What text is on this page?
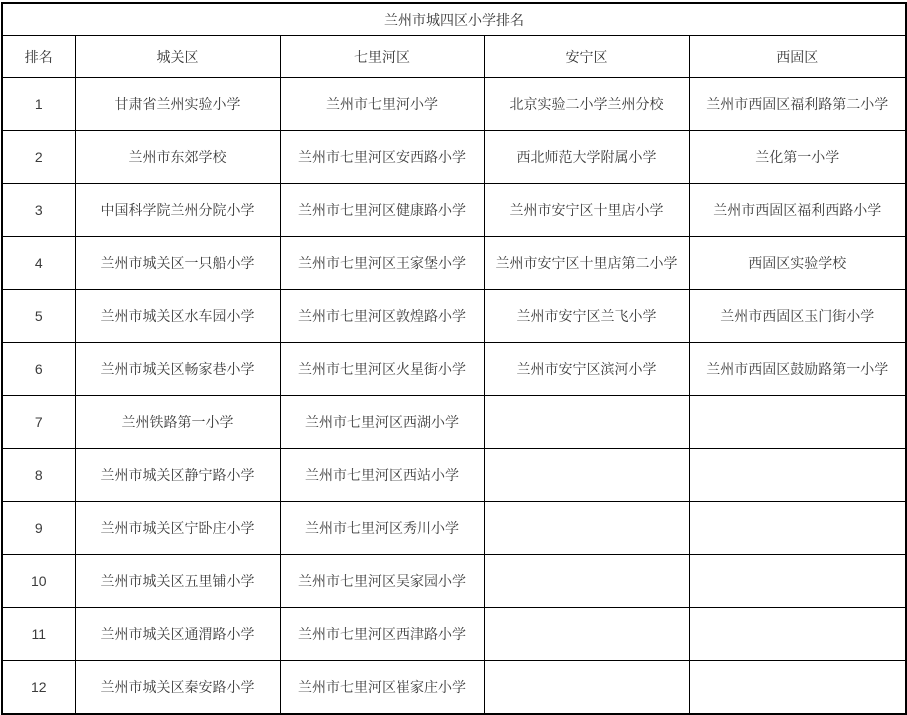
兰州市城四区小学排名				
排名	城关区	七里河区	安宁区	西固区
1	甘肃省兰州实验小学	兰州市七里河小学	北京实验二小学兰州分校	兰州市西固区福利路第二小学
2	兰州市东郊学校	兰州市七里河区安西路小学	西北师范大学附属小学	兰化第一小学
3	中国科学院兰州分院小学	兰州市七里河区健康路小学	兰州市安宁区十里店小学	兰州市西固区福利西路小学
4	兰州市城关区一只船小学	兰州市七里河区王家堡小学	兰州市安宁区十里店第二小学	西固区实验学校
5	兰州市城关区水车园小学	兰州市七里河区敦煌路小学	兰州市安宁区兰飞小学	兰州市西固区玉门街小学
6	兰州市城关区畅家巷小学	兰州市七里河区火星街小学	兰州市安宁区滨河小学	兰州市西固区鼓励路第一小学
7	兰州铁路第一小学	兰州市七里河区西湖小学		
8	兰州市城关区静宁路小学	兰州市七里河区西站小学		
9	兰州市城关区宁卧庄小学	兰州市七里河区秀川小学		
10	兰州市城关区五里铺小学	兰州市七里河区吴家园小学		
11	兰州市城关区通渭路小学	兰州市七里河区西津路小学		
12	兰州市城关区秦安路小学	兰州市七里河区崔家庄小学		
